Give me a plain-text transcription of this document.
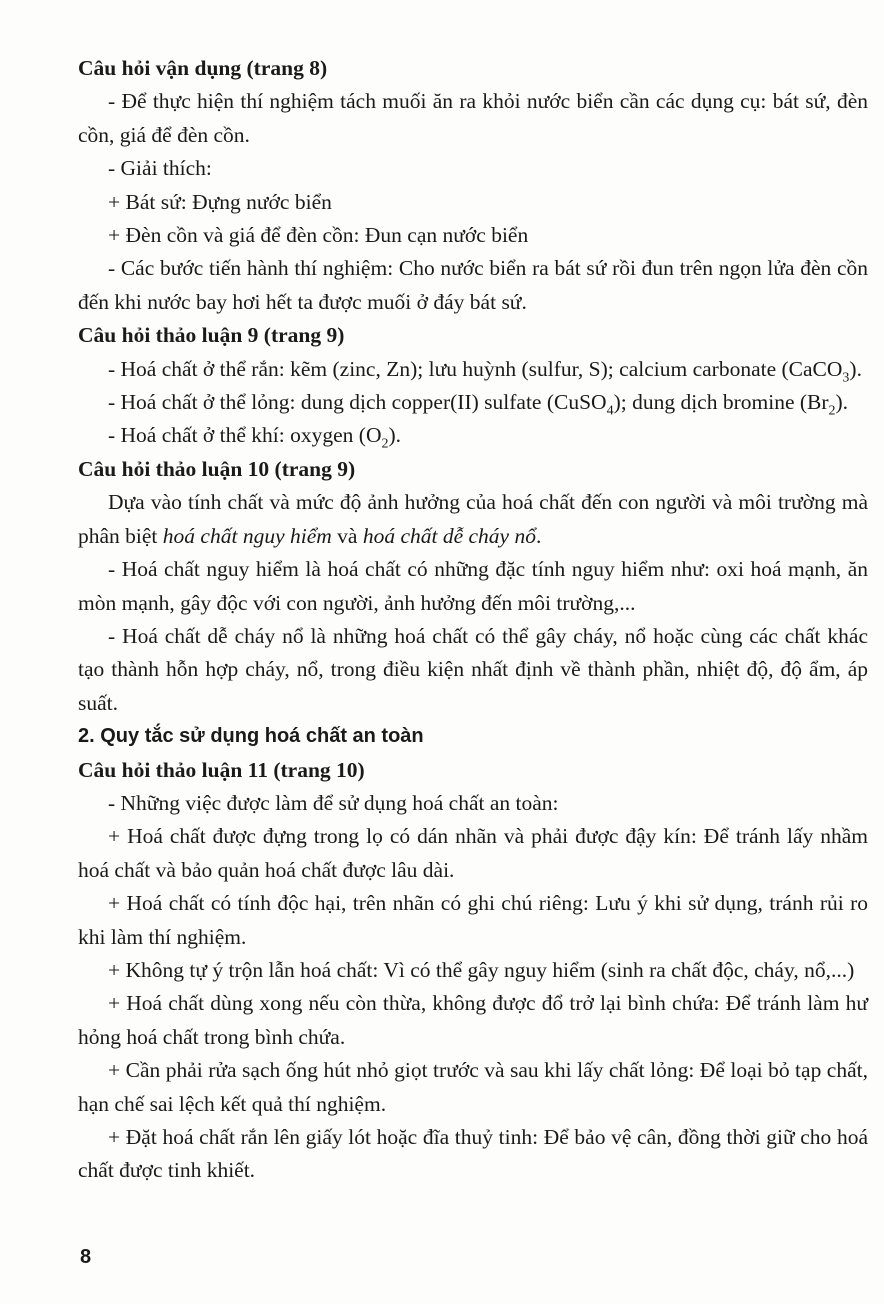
Câu hỏi vận dụng (trang 8)

- Để thực hiện thí nghiệm tách muối ăn ra khỏi nước biển cần các dụng cụ: bát sứ, đèn cồn, giá để đèn cồn.

- Giải thích:

+ Bát sứ: Đựng nước biển

+ Đèn cồn và giá để đèn cồn: Đun cạn nước biển

- Các bước tiến hành thí nghiệm: Cho nước biển ra bát sứ rồi đun trên ngọn lửa đèn cồn đến khi nước bay hơi hết ta được muối ở đáy bát sứ.

Câu hỏi thảo luận 9 (trang 9)

- Hoá chất ở thể rắn: kẽm (zinc, Zn); lưu huỳnh (sulfur, S); calcium carbonate (CaCO$_3$).

- Hoá chất ở thể lỏng: dung dịch copper(II) sulfate (CuSO$_4$); dung dịch bromine $(Br_2)$.

- Hoá chất ở thể khí: oxygen $(O_2)$.

Câu hỏi thảo luận 10 (trang 9)

Dựa vào tính chất và mức độ ảnh hưởng của hoá chất đến con người và môi trường mà phân biệt hoá chất nguy hiểm và hoá chất dễ cháy nổ.

- Hoá chất nguy hiểm là hoá chất có những đặc tính nguy hiểm như: oxi hoá mạnh, ăn mòn mạnh, gây độc với con người, ảnh hưởng đến môi trường,...

- Hoá chất dễ cháy nổ là những hoá chất có thể gây cháy, nổ hoặc cùng các chất khác tạo thành hỗn hợp cháy, nổ, trong điều kiện nhất định về thành phần, nhiệt độ, độ ẩm, áp suất.

2. Quy tắc sử dụng hoá chất an toàn
Câu hỏi thảo luận 11 (trang 10)

- Những việc được làm để sử dụng hoá chất an toàn:

+ Hoá chất được đựng trong lọ có dán nhãn và phải được đậy kín: Để tránh lấy nhầm hoá chất và bảo quản hoá chất được lâu dài.

+ Hoá chất có tính độc hại, trên nhãn có ghi chú riêng: Lưu ý khi sử dụng, tránh rủi ro khi làm thí nghiệm.

+ Không tự ý trộn lẫn hoá chất: Vì có thể gây nguy hiểm (sinh ra chất độc, cháy, nổ,...)

+ Hoá chất dùng xong nếu còn thừa, không được đổ trở lại bình chứa: Để tránh làm hư hỏng hoá chất trong bình chứa.

+ Cần phải rửa sạch ống hút nhỏ giọt trước và sau khi lấy chất lỏng: Để loại bỏ tạp chất, hạn chế sai lệch kết quả thí nghiệm.

+ Đặt hoá chất rắn lên giấy lót hoặc đĩa thuỷ tinh: Để bảo vệ cân, đồng thời giữ cho hoá chất được tinh khiết.

8
